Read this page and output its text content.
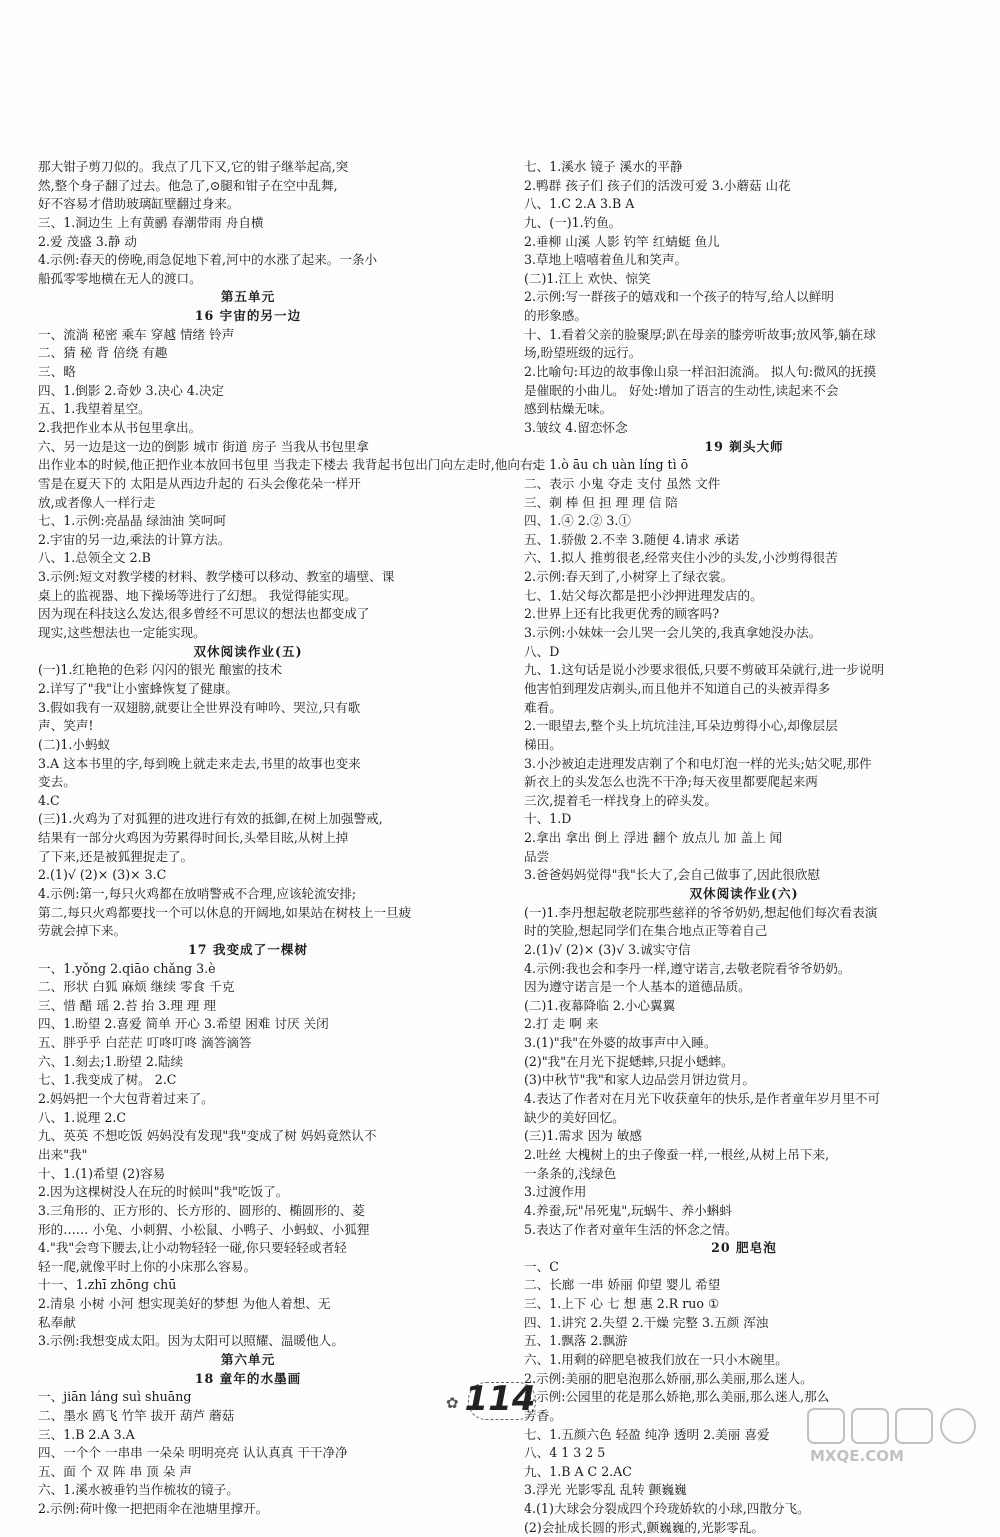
那大钳子剪刀似的。我点了几下又,它的钳子继举起高,突
然,整个身子翻了过去。他急了,⊙腿和钳子在空中乱舞,
好不容易才借助玻璃缸壁翻过身来。
三、1.洞边生 上有黄鹂 春潮带雨 舟自横
2.爱 茂盛 3.静 动
4.示例:春天的傍晚,雨急促地下着,河中的水涨了起来。一条小
船孤零零地横在无人的渡口。
第五单元
16 宇宙的另一边
一、流淌 秘密 乘车 穿越 情绪 铃声
二、猜 秘 背 倍绕 有趣
三、略
四、1.倒影 2.奇妙 3.决心 4.决定
五、1.我望着星空。
2.我把作业本从书包里拿出。
六、另一边是这一边的倒影 城市 街道 房子 当我从书包里拿
出作业本的时候,他正把作业本放回书包里 当我走下楼去 我背起书包出门向左走时,他向右走
雪是在夏天下的 太阳是从西边升起的 石头会像花朵一样开
放,或者像人一样行走
七、1.示例:亮晶晶 绿油油 笑呵呵
2.宇宙的另一边,乘法的计算方法。
八、1.总领全文 2.B
3.示例:短文对教学楼的材料、教学楼可以移动、教室的墙壁、课
桌上的监视器、地下操场等进行了幻想。 我觉得能实现。
因为现在科技这么发达,很多曾经不可思议的想法也都变成了
现实,这些想法也一定能实现。
双休阅读作业(五)
(一)1.红艳艳的色彩 闪闪的银光 酿蜜的技术
2.详写了"我"让小蜜蜂恢复了健康。
3.假如我有一双翅膀,就要让全世界没有呻吟、哭泣,只有歌
声、笑声!
(二)1.小蚂蚁
3.A 这本书里的字,每到晚上就走来走去,书里的故事也变来
变去。
4.C
(三)1.火鸡为了对狐狸的进攻进行有效的抵御,在树上加强警戒,
结果有一部分火鸡因为劳累得时间长,头晕目眩,从树上掉
了下来,还是被狐狸捉走了。
2.(1)√ (2)× (3)× 3.C
4.示例:第一,每只火鸡都在放哨警戒不合理,应该轮流安排;
第二,每只火鸡都要找一个可以休息的开阔地,如果站在树枝上一旦疲
劳就会掉下来。
17 我变成了一棵树
一、1.yǒng 2.qiāo chǎng 3.è
二、形状 白狐 麻烦 继续 零食 千克
三、惜 醋 瑶 2.苔 抬 3.理 理 理
四、1.盼望 2.喜爱 简单 开心 3.希望 困难 讨厌 关闭
五、胖乎乎 白茫茫 叮咚叮咚 滴答滴答
六、1.刻去;1.盼望 2.陆续
七、1.我变成了树。 2.C
2.妈妈把一个大包背着过来了。
八、1.说理 2.C
九、英英 不想吃饭 妈妈没有发现"我"变成了树 妈妈竟然认不
出来"我"
十、1.(1)希望 (2)容易
2.因为这棵树没人在玩的时候叫"我"吃饭了。
3.三角形的、正方形的、长方形的、圆形的、椭圆形的、菱
形的…… 小兔、小刺猬、小松鼠、小鸭子、小蚂蚁、小狐狸
4."我"会弯下腰去,让小动物轻轻一碰,你只要轻轻或者轻
轻一爬,就像平时上你的小床那么容易。
十一、1.zhī zhōng chū
2.清泉 小树 小河 想实现美好的梦想 为他人着想、无
私奉献
3.示例:我想变成太阳。因为太阳可以照耀、温暖他人。
第六单元
18 童年的水墨画
一、jiān láng suì shuāng
二、墨水 鸥飞 竹竿 拔开 葫芦 蘑菇
三、1.B 2.A 3.A
四、一个个 一串串 一朵朵 明明亮亮 认认真真 干干净净
五、面 个 双 阵 串 顶 朵 声
六、1.溪水被垂钓当作梳妆的镜子。
2.示例:荷叶像一把把雨伞在池塘里撑开。
七、1.溪水 镜子 溪水的平静
2.鸭群 孩子们 孩子们的活泼可爱 3.小蘑菇 山花
八、1.C 2.A 3.B A
九、(一)1.钓鱼。
2.垂柳 山溪 人影 钓竿 红蜻蜓 鱼儿
3.草地上嘻嘻着鱼儿和笑声。
(二)1.江上 欢快、惊笑
2.示例:写一群孩子的嬉戏和一个孩子的特写,给人以鲜明
的形象感。
十、1.看着父亲的脸聚厚;趴在母亲的膝旁听故事;放风筝,躺在球
场,盼望班级的远行。
2.比喻句:耳边的故事像山泉一样汩汩流淌。 拟人句:微风的抚摸
是催眠的小曲儿。 好处:增加了语言的生动性,读起来不会
感到枯燥无味。
3.皱纹 4.留恋怀念
19 剃头大师
一、1.ò āu ch uàn líng tì ō
二、表示 小鬼 夺走 支付 虽然 文件
三、剃 棒 但 担 理 理 信 陪
四、1.④ 2.② 3.①
五、1.骄傲 2.不幸 3.随便 4.请求 承诺
六、1.拟人 推剪很老,经常夹住小沙的头发,小沙剪得很苦
2.示例:春天到了,小树穿上了绿衣裳。
七、1.姑父每次都是把小沙押进理发店的。
2.世界上还有比我更优秀的顾客吗?
3.示例:小妹妹一会儿哭一会儿笑的,我真拿她没办法。
八、D
九、1.这句话是说小沙要求很低,只要不剪破耳朵就行,进一步说明
他害怕到理发店剃头,而且他并不知道自己的头被弄得多
难看。
2.一眼望去,整个头上坑坑洼洼,耳朵边剪得小心,却像层层
梯田。
3.小沙被迫走进理发店剃了个和电灯泡一样的光头;姑父呢,那件
新衣上的头发怎么也洗不干净;每天夜里都要爬起来两
三次,提着毛一样找身上的碎头发。
十、1.D
2.拿出 拿出 倒上 浮进 翻个 放点儿 加 盖上 闻
品尝
3.爸爸妈妈觉得"我"长大了,会自己做事了,因此很欣慰
双休阅读作业(六)
(一)1.李丹想起敬老院那些慈祥的爷爷奶奶,想起他们每次看表演
时的笑脸,想起同学们在集合地点正等着自己
2.(1)√ (2)× (3)√ 3.诚实守信
4.示例:我也会和李丹一样,遵守诺言,去敬老院看爷爷奶奶。
因为遵守诺言是一个人基本的道德品质。
(二)1.夜幕降临 2.小心翼翼
2.打 走 啊 来
3.(1)"我"在外婆的故事声中入睡。
(2)"我"在月光下捉蟋蟀,只捉小蟋蟀。
(3)中秋节"我"和家人边品尝月饼边赏月。
4.表达了作者对在月光下收获童年的快乐,是作者童年岁月里不可
缺少的美好回忆。
(三)1.需求 因为 敏感
2.吐丝 大槐树上的虫子像蚕一样,一根丝,从树上吊下来,
一条条的,浅绿色
3.过渡作用
4.养蚕,玩"吊死鬼",玩蜗牛、养小蝌蚪
5.表达了作者对童年生活的怀念之情。
20 肥皂泡
一、C
二、长廊 一串 娇丽 仰望 婴儿 希望
三、1.上下 心 七 想 惠 2.R ruo ①
四、1.讲究 2.失望 2.干燥 完整 3.五颜 浑浊
五、1.飘落 2.飘游
六、1.用剩的碎肥皂被我们放在一只小木碗里。
2.示例:美丽的肥皂泡那么娇丽,那么美丽,那么迷人。
3.示例:公园里的花是那么娇艳,那么美丽,那么迷人,那么
芳香。
七、1.五颜六色 轻盈 纯净 透明 2.美丽 喜爱
八、4 1 3 2 5
九、1.B A C 2.AC
3.浮光 光影零乱 乱转 颤巍巍
4.(1)大球会分裂成四个玲珑娇软的小球,四散分飞。
(2)会扯成长圆的形式,颤巍巍的,光影零乱。
✿ 114
MXQE.COM
